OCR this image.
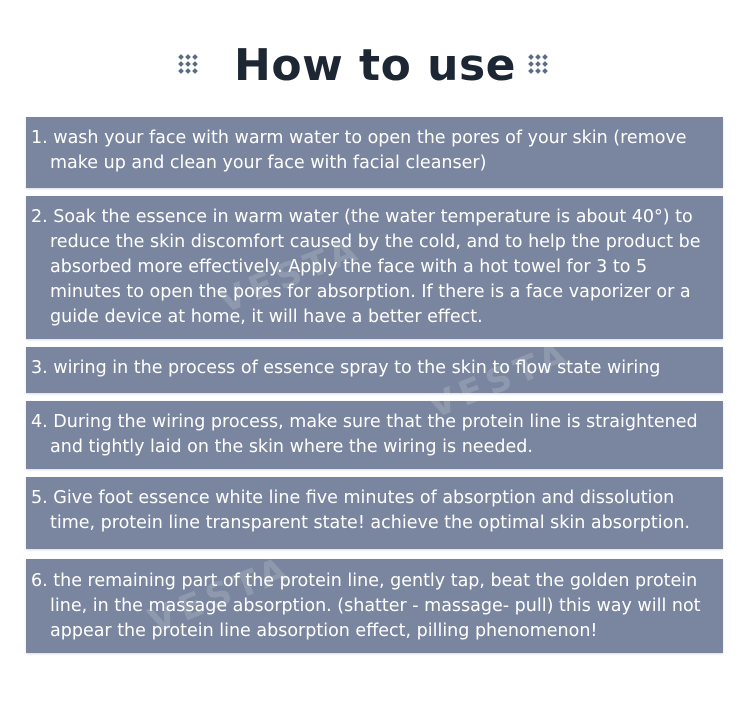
How to use
1. wash your face with warm water to open the pores of your skin (remove make up and clean your face with facial cleanser)
2. Soak the essence in warm water (the water temperature is about 40°) to reduce the skin discomfort caused by the cold, and to help the product be absorbed more effectively. Apply the face with a hot towel for 3 to 5 minutes to open the pores for absorption. If there is a face vaporizer or a guide device at home, it will have a better effect.
3. wiring in the process of essence spray to the skin to flow state wiring
4. During the wiring process, make sure that the protein line is straightened and tightly laid on the skin where the wiring is needed.
5. Give foot essence white line five minutes of absorption and dissolution time, protein line transparent state! achieve the optimal skin absorption.
6. the remaining part of the protein line, gently tap, beat the golden protein line, in the massage absorption. (shatter - massage- pull) this way will not appear the protein line absorption effect, pilling phenomenon!
